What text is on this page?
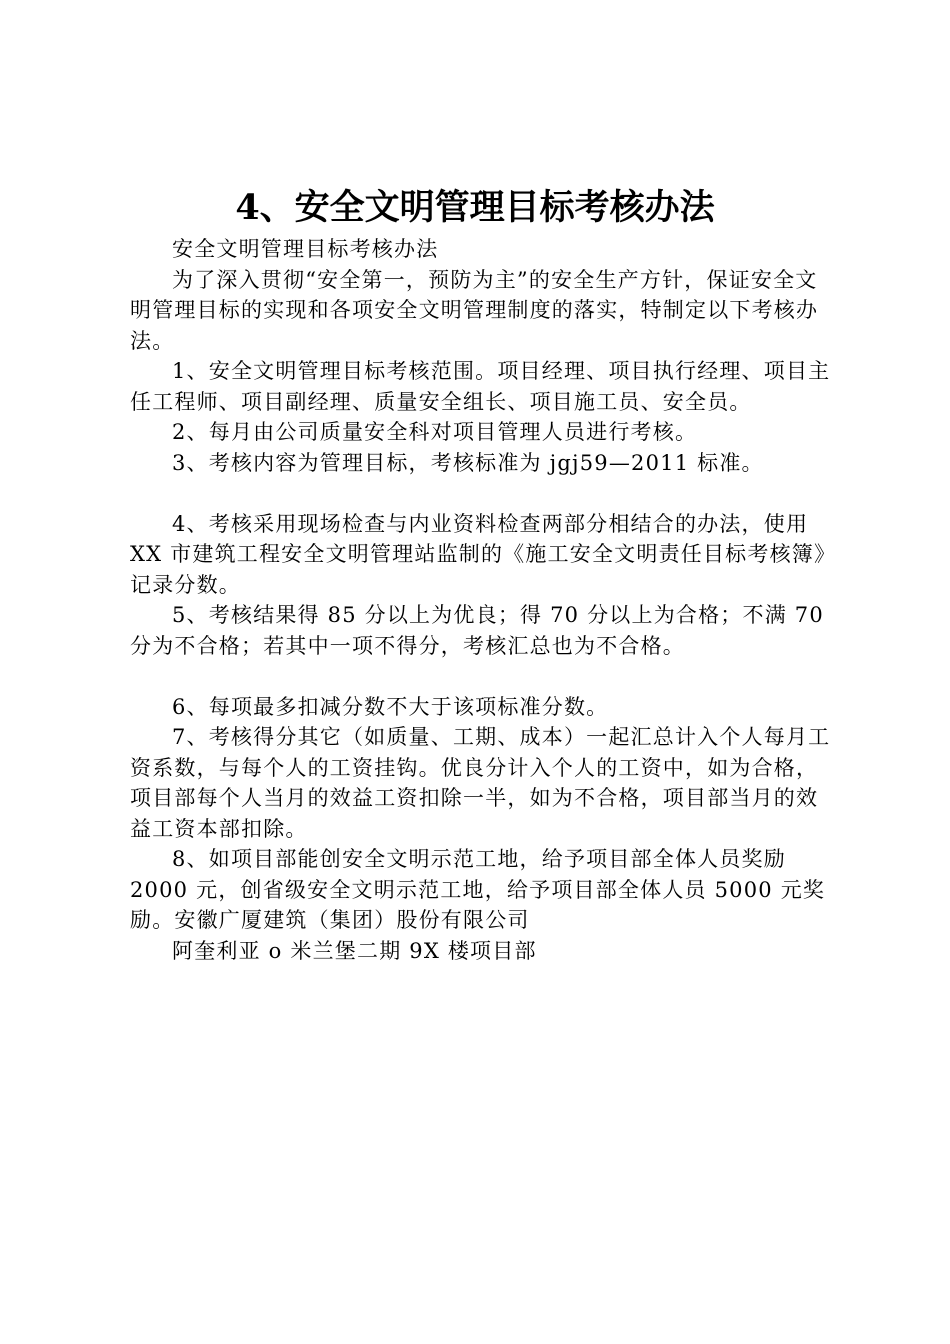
4、安全文明管理目标考核办法

安全文明管理目标考核办法

为了深入贯彻“安全第一，预防为主”的安全生产方针，保证安全文明管理目标的实现和各项安全文明管理制度的落实，特制定以下考核办法。

1、安全文明管理目标考核范围。项目经理、项目执行经理、项目主任工程师、项目副经理、质量安全组长、项目施工员、安全员。

2、每月由公司质量安全科对项目管理人员进行考核。

3、考核内容为管理目标，考核标准为 jgj59—2011 标准。

4、考核采用现场检查与内业资料检查两部分相结合的办法，使用 XX 市建筑工程安全文明管理站监制的《施工安全文明责任目标考核簿》记录分数。

5、考核结果得 85 分以上为优良；得 70 分以上为合格；不满 70 分为不合格；若其中一项不得分，考核汇总也为不合格。

6、每项最多扣减分数不大于该项标准分数。

7、考核得分其它（如质量、工期、成本）一起汇总计入个人每月工资系数，与每个人的工资挂钩。优良分计入个人的工资中，如为合格，项目部每个人当月的效益工资扣除一半，如为不合格，项目部当月的效益工资本部扣除。

8、如项目部能创安全文明示范工地，给予项目部全体人员奖励 2000 元，创省级安全文明示范工地，给予项目部全体人员 5000 元奖励。安徽广厦建筑（集团）股份有限公司

阿奎利亚 o 米兰堡二期 9X 楼项目部
